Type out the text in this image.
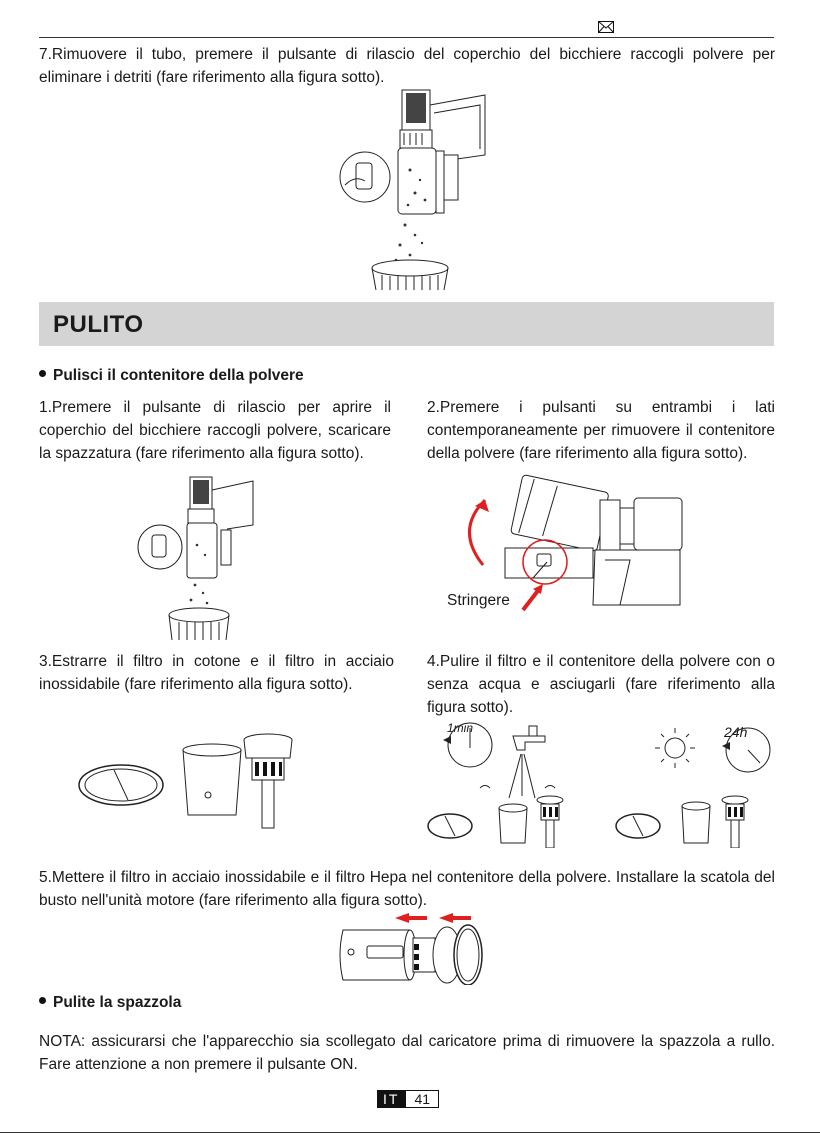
7.Rimuovere il tubo, premere il pulsante di rilascio del coperchio del bicchiere raccogli polvere per eliminare i detriti (fare riferimento alla figura sotto).
PULITO
Pulisci il contenitore della polvere
1.Premere il pulsante di rilascio per aprire il coperchio del bicchiere raccogli polvere, scaricare la spazzatura (fare riferimento alla figura sotto).
2.Premere i pulsanti su entrambi i lati contemporaneamente per rimuovere il contenitore della polvere (fare riferimento alla figura sotto).
Stringere
3.Estrarre il filtro in cotone e il filtro in acciaio inossidabile (fare riferimento alla figura sotto).
4.Pulire il filtro e il contenitore della polvere con o senza acqua e asciugarli (fare riferimento alla figura sotto).
1min	24h
5.Mettere il filtro in acciaio inossidabile e il filtro Hepa nel contenitore della polvere. Installare la scatola del busto nell'unità motore (fare riferimento alla figura sotto).
Pulite la spazzola
NOTA: assicurarsi che l'apparecchio sia scollegato dal caricatore prima di rimuovere la spazzola a rullo. Fare attenzione a non premere il pulsante ON.
IT	41
